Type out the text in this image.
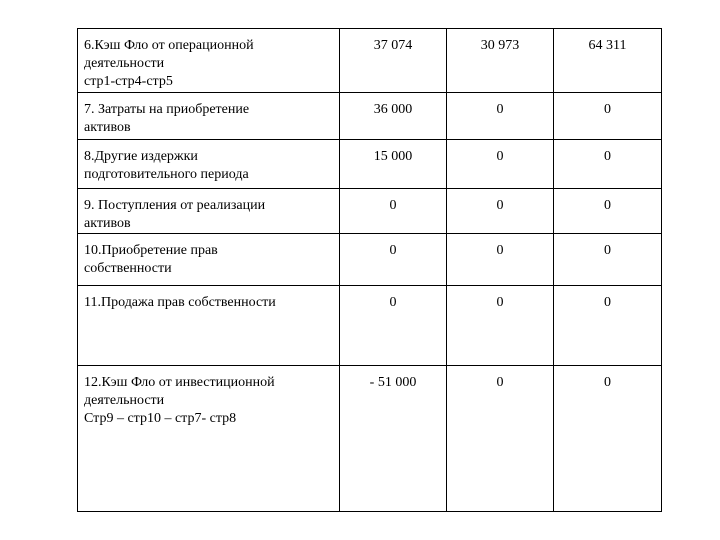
6.Кэш Фло от операционной
деятельности
стр1-стр4-стр5	37 074	30 973	64 311

7. Затраты на приобретение
активов	36 000	0	0

8.Другие издержки
подготовительного периода	15 000	0	0

9. Поступления от реализации
активов	0	0	0

10.Приобретение прав
собственности	0	0	0

11.Продажа прав собственности	0	0	0

12.Кэш Фло от инвестиционной
деятельности
Стр9 – стр10 – стр7- стр8	- 51 000	0	0
